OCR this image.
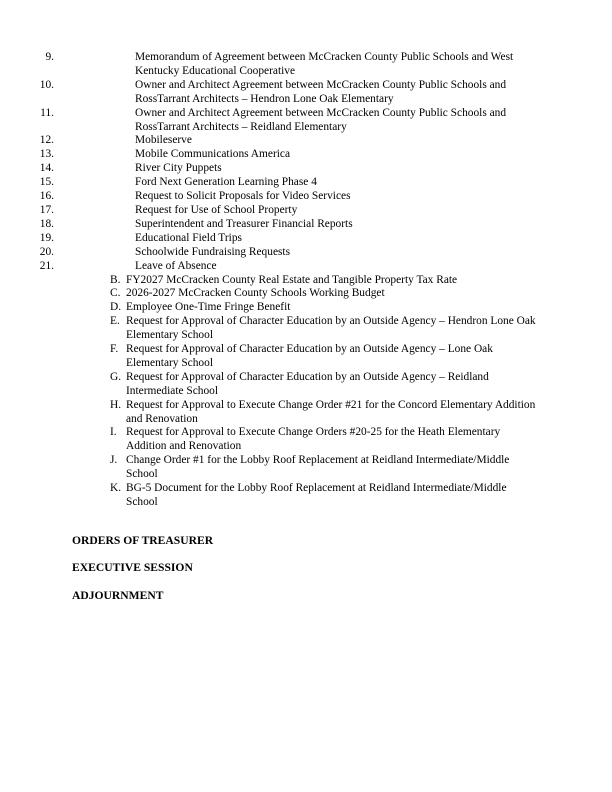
9.	Memorandum of Agreement between McCracken County Public Schools and West Kentucky Educational Cooperative
10.	Owner and Architect Agreement between McCracken County Public Schools and RossTarrant Architects – Hendron Lone Oak Elementary
11.	Owner and Architect Agreement between McCracken County Public Schools and RossTarrant Architects – Reidland Elementary
12.	Mobileserve
13.	Mobile Communications America
14.	River City Puppets
15.	Ford Next Generation Learning Phase 4
16.	Request to Solicit Proposals for Video Services
17.	Request for Use of School Property
18.	Superintendent and Treasurer Financial Reports
19.	Educational Field Trips
20.	Schoolwide Fundraising Requests
21.	Leave of Absence
B. FY2027 McCracken County Real Estate and Tangible Property Tax Rate
C. 2026-2027 McCracken County Schools Working Budget
D. Employee One-Time Fringe Benefit
E. Request for Approval of Character Education by an Outside Agency – Hendron Lone Oak Elementary School
F. Request for Approval of Character Education by an Outside Agency – Lone Oak Elementary School
G. Request for Approval of Character Education by an Outside Agency – Reidland Intermediate School
H. Request for Approval to Execute Change Order #21 for the Concord Elementary Addition and Renovation
I. Request for Approval to Execute Change Orders #20-25 for the Heath Elementary Addition and Renovation
J. Change Order #1 for the Lobby Roof Replacement at Reidland Intermediate/Middle School
K. BG-5 Document for the Lobby Roof Replacement at Reidland Intermediate/Middle School

ORDERS OF TREASURER

EXECUTIVE SESSION

ADJOURNMENT
